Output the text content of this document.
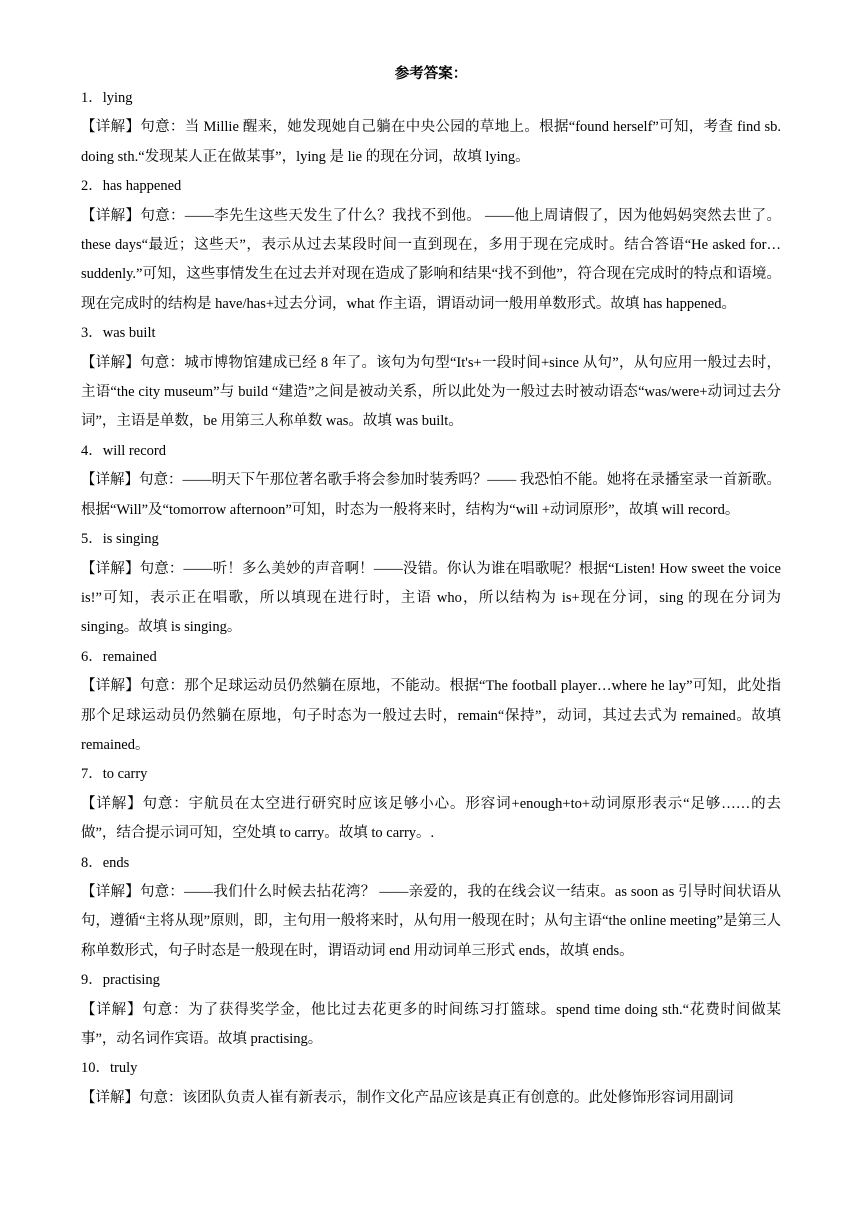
参考答案：
1．lying
【详解】句意：当 Millie 醒来，她发现她自己躺在中央公园的草地上。根据“found herself”可知，考查 find sb. doing sth.“发现某人正在做某事”，lying 是 lie 的现在分词，故填 lying。
2．has happened
【详解】句意：——李先生这些天发生了什么？我找不到他。 ——他上周请假了，因为他妈妈突然去世了。these days“最近；这些天”，表示从过去某段时间一直到现在，多用于现在完成时。结合答语“He asked for…suddenly.”可知，这些事情发生在过去并对现在造成了影响和结果“找不到他”，符合现在完成时的特点和语境。现在完成时的结构是 have/has+过去分词，what 作主语，谓语动词一般用单数形式。故填 has happened。
3．was built
【详解】句意：城市博物馆建成已经 8 年了。该句为句型“It's+一段时间+since 从句”，从句应用一般过去时，主语“the city museum”与 build “建造”之间是被动关系，所以此处为一般过去时被动语态“was/were+动词过去分词”，主语是单数，be 用第三人称单数 was。故填 was built。
4．will record
【详解】句意：——明天下午那位著名歌手将会参加时装秀吗？—— 我恐怕不能。她将在录播室录一首新歌。 根据“Will”及“tomorrow afternoon”可知，时态为一般将来时，结构为“will +动词原形”，故填 will record。
5．is singing
【详解】句意：——听！多么美妙的声音啊！——没错。你认为谁在唱歌呢？根据“Listen! How sweet the voice is!”可知，表示正在唱歌，所以填现在进行时，主语 who，所以结构为 is+现在分词，sing 的现在分词为 singing。故填 is singing。
6．remained
【详解】句意：那个足球运动员仍然躺在原地，不能动。根据“The football player…where he lay”可知，此处指那个足球运动员仍然躺在原地，句子时态为一般过去时，remain“保持”，动词，其过去式为 remained。故填 remained。
7．to carry
【详解】句意：宇航员在太空进行研究时应该足够小心。形容词+enough+to+动词原形表示“足够……的去做”，结合提示词可知，空处填 to carry。故填 to carry。.
8．ends
【详解】句意：——我们什么时候去拈花湾？ ——亲爱的，我的在线会议一结束。as soon as 引导时间状语从句，遵循“主将从现”原则，即，主句用一般将来时，从句用一般现在时；从句主语“the online meeting”是第三人称单数形式，句子时态是一般现在时，谓语动词 end 用动词单三形式 ends，故填 ends。
9．practising
【详解】句意：为了获得奖学金，他比过去花更多的时间练习打篮球。spend time doing sth.“花费时间做某事”，动名词作宾语。故填 practising。
10．truly
【详解】句意：该团队负责人崔有新表示，制作文化产品应该是真正有创意的。此处修饰形容词用副词
